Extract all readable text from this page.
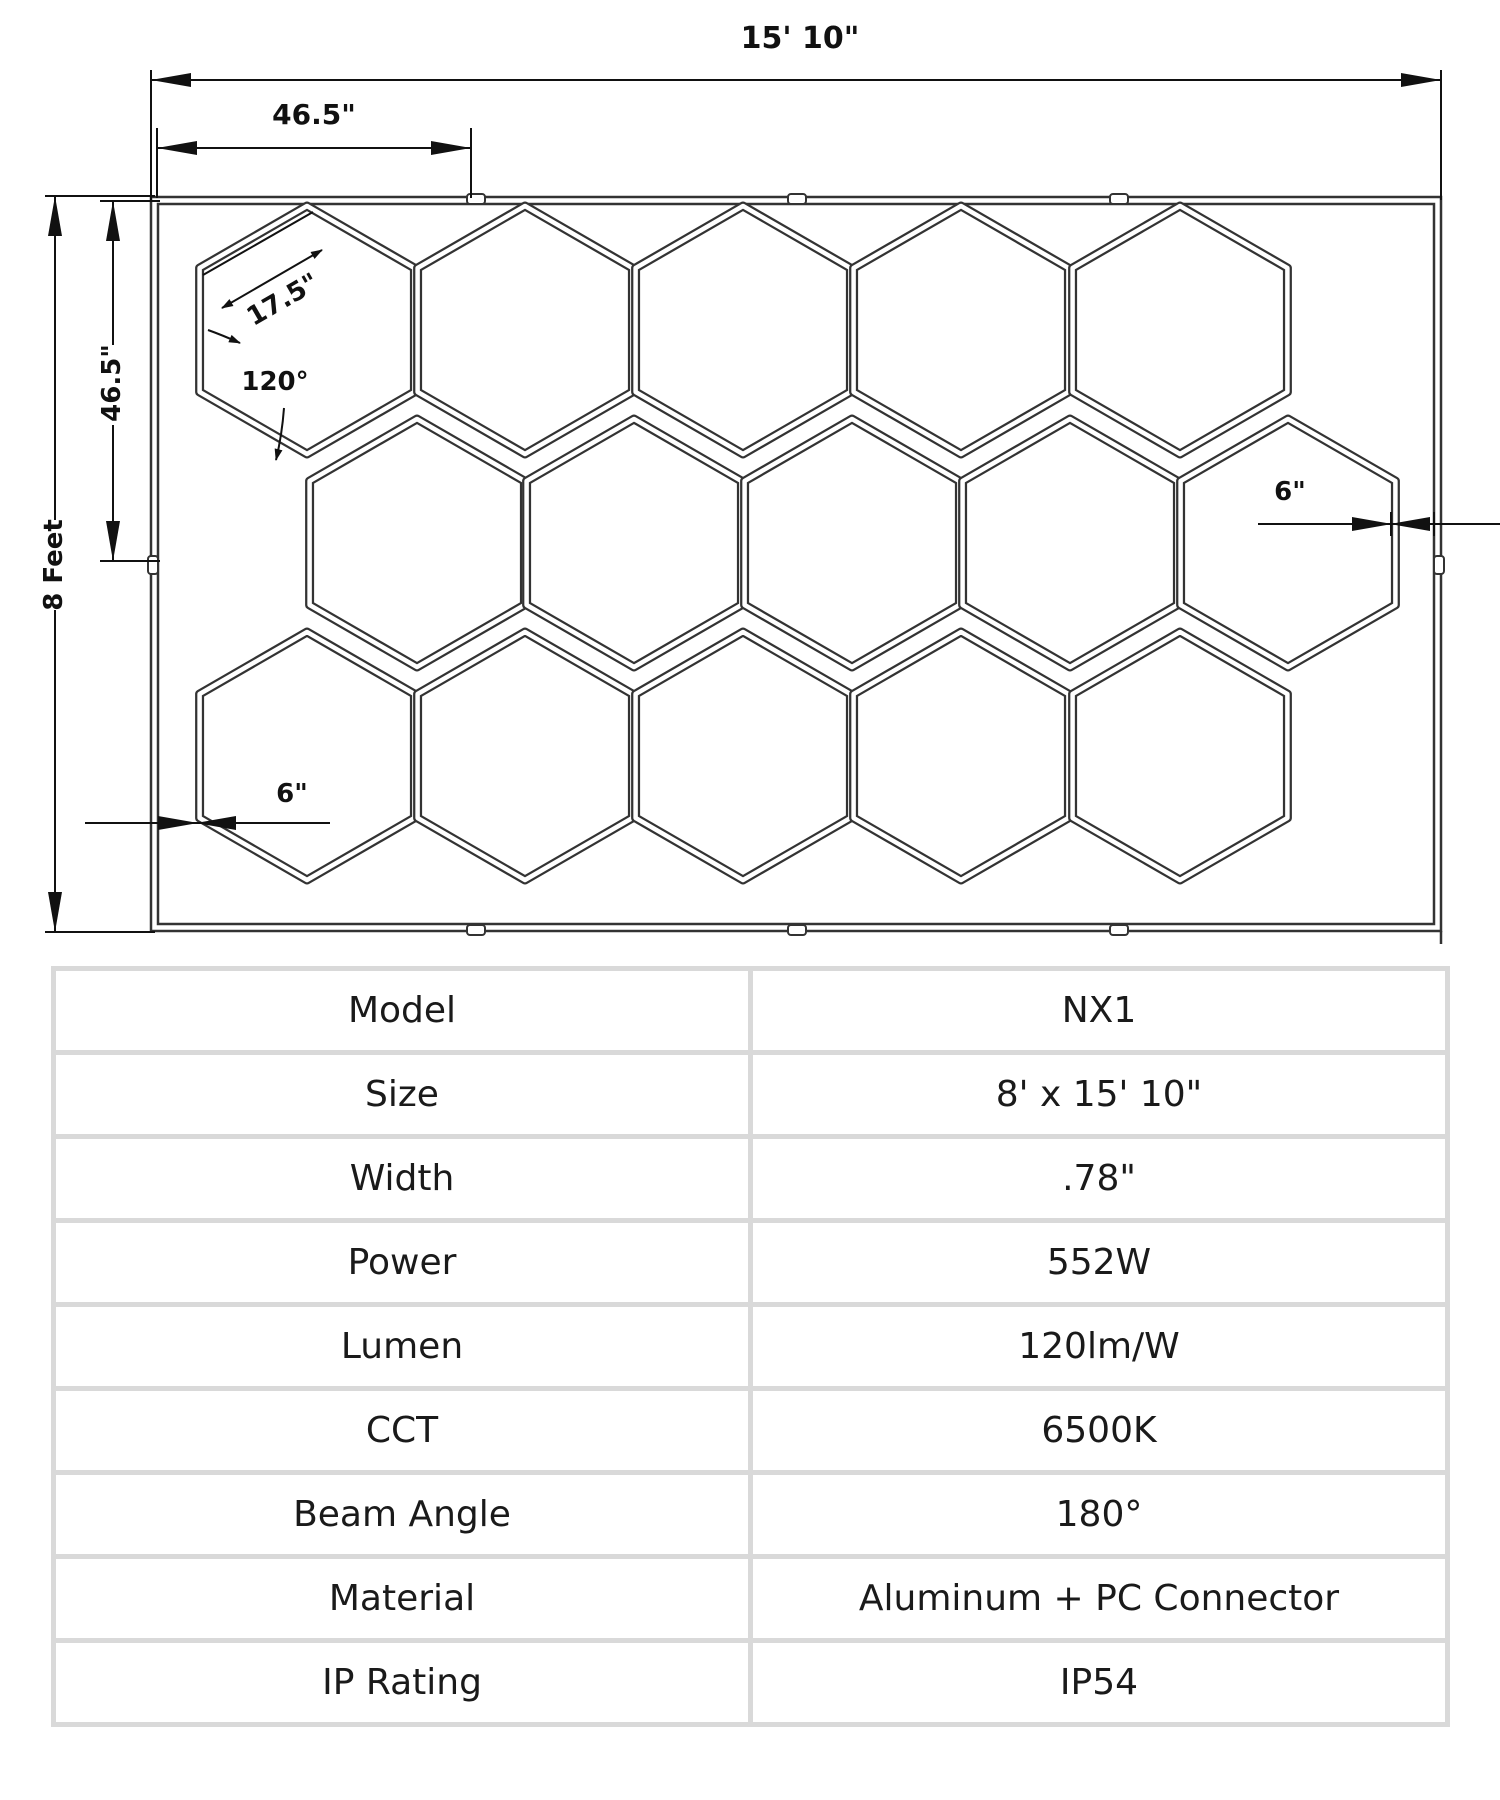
15' 10"
46.5"
8 Feet
46.5"
17.5"
120°
6"
6"
Model	NX1
Size	8' x 15' 10"
Width	.78"
Power	552W
Lumen	120lm/W
CCT	6500K
Beam Angle	180°
Material	Aluminum + PC Connector
IP Rating	IP54
